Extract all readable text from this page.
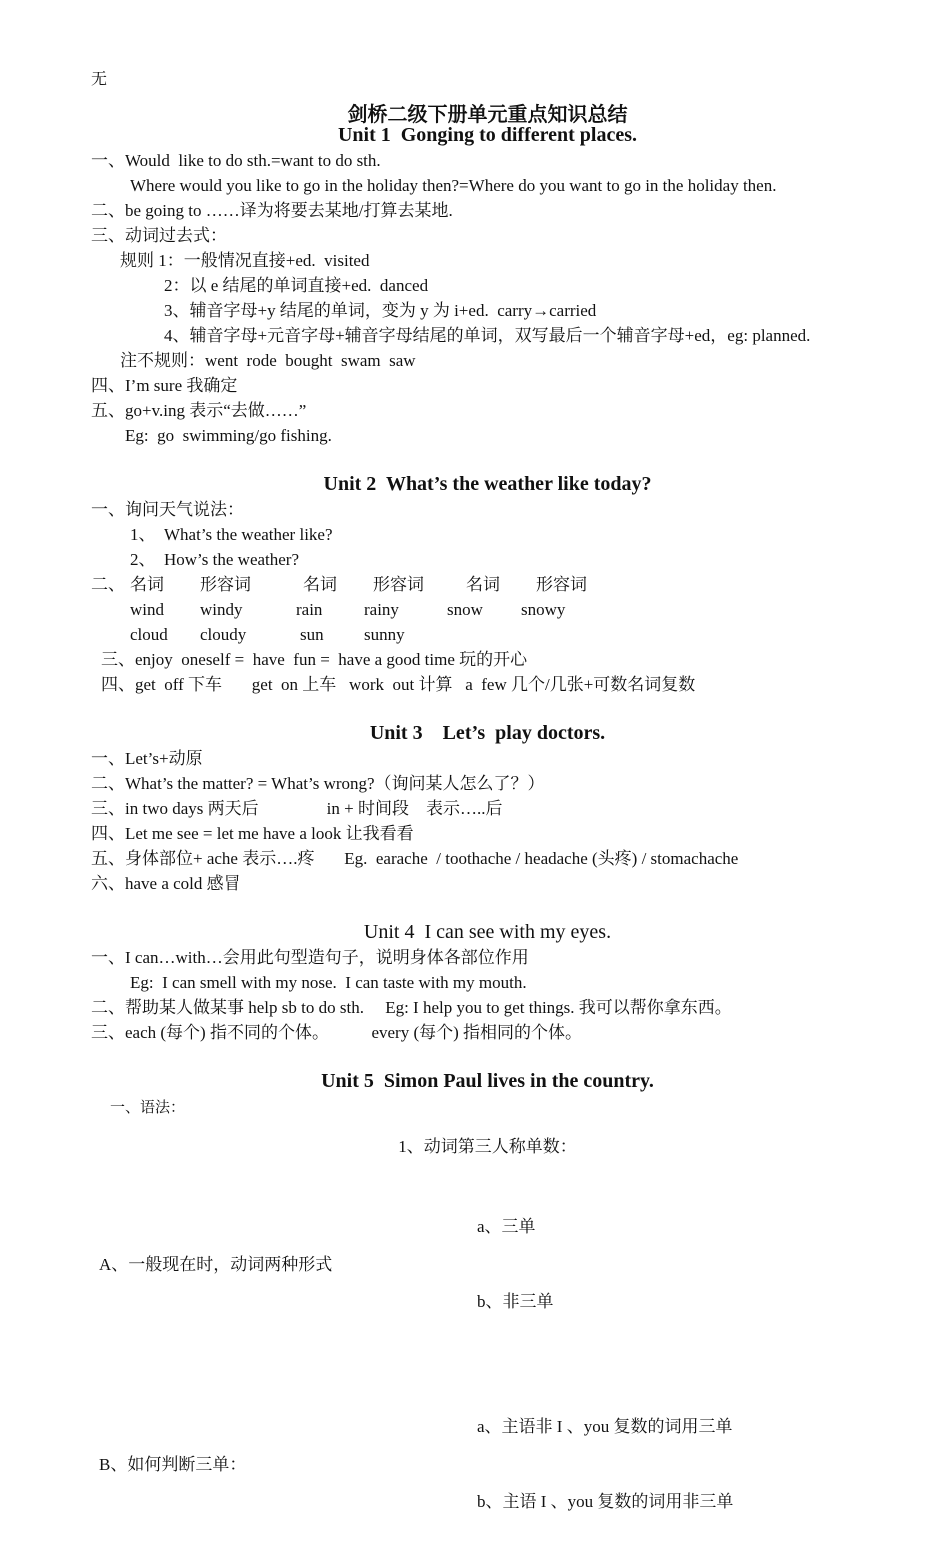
无
剑桥二级下册单元重点知识总结
Unit 1  Gonging to different places.
一、Would  like to do sth.=want to do sth.
Where would you like to go in the holiday then?=Where do you want to go in the holiday then.
二、be going to ……译为将要去某地/打算去某地.
三、动词过去式：
规则 1：一般情况直接+ed.  visited
2：以 e 结尾的单词直接+ed.  danced
3、辅音字母+y 结尾的单词，变为 y 为 i+ed.  carry→carried
4、辅音字母+元音字母+辅音字母结尾的单词，双写最后一个辅音字母+ed，eg: planned.
注不规则：went  rode  bought  swam  saw
四、I’m sure 我确定
五、go+v.ing 表示“去做……”
Eg:  go  swimming/go fishing.
Unit 2  What’s the weather like today?
一、询问天气说法：
1、  What’s the weather like?
2、  How’s the weather?
二、 名词 形容词	名词 形容词 名词 形容词
wind windy	rain rainy	snow snowy
cloud cloudy	sun sunny
三、enjoy  oneself =  have  fun =  have a good time 玩的开心
四、get  off 下车       get  on 上车   work  out 计算   a  few 几个/几张+可数名词复数
Unit 3    Let’s  play doctors.
一、Let’s+动原
二、What’s the matter? = What’s wrong?（询问某人怎么了？）
三、in two days 两天后                in + 时间段    表示…..后
四、Let me see = let me have a look 让我看看
五、身体部位+ ache 表示….疼       Eg.  earache  / toothache / headache (头疼) / stomachache
六、have a cold 感冒
Unit 4  I can see with my eyes.
一、I can…with…会用此句型造句子，说明身体各部位作用
Eg:  I can smell with my nose.  I can taste with my mouth.
二、帮助某人做某事 help sb to do sth.     Eg: I help you to get things. 我可以帮你拿东西。
三、each (每个) 指不同的个体。          every (每个) 指相同的个体。
Unit 5  Simon Paul lives in the country.
一、语法：
1、动词第三人称单数：
A、一般现在时，动词两种形式	a、三单

b、非三单

B、如何判断三单：	a、主语非 I 、you 复数的词用三单

b、主语 I 、you 复数的词用非三单
